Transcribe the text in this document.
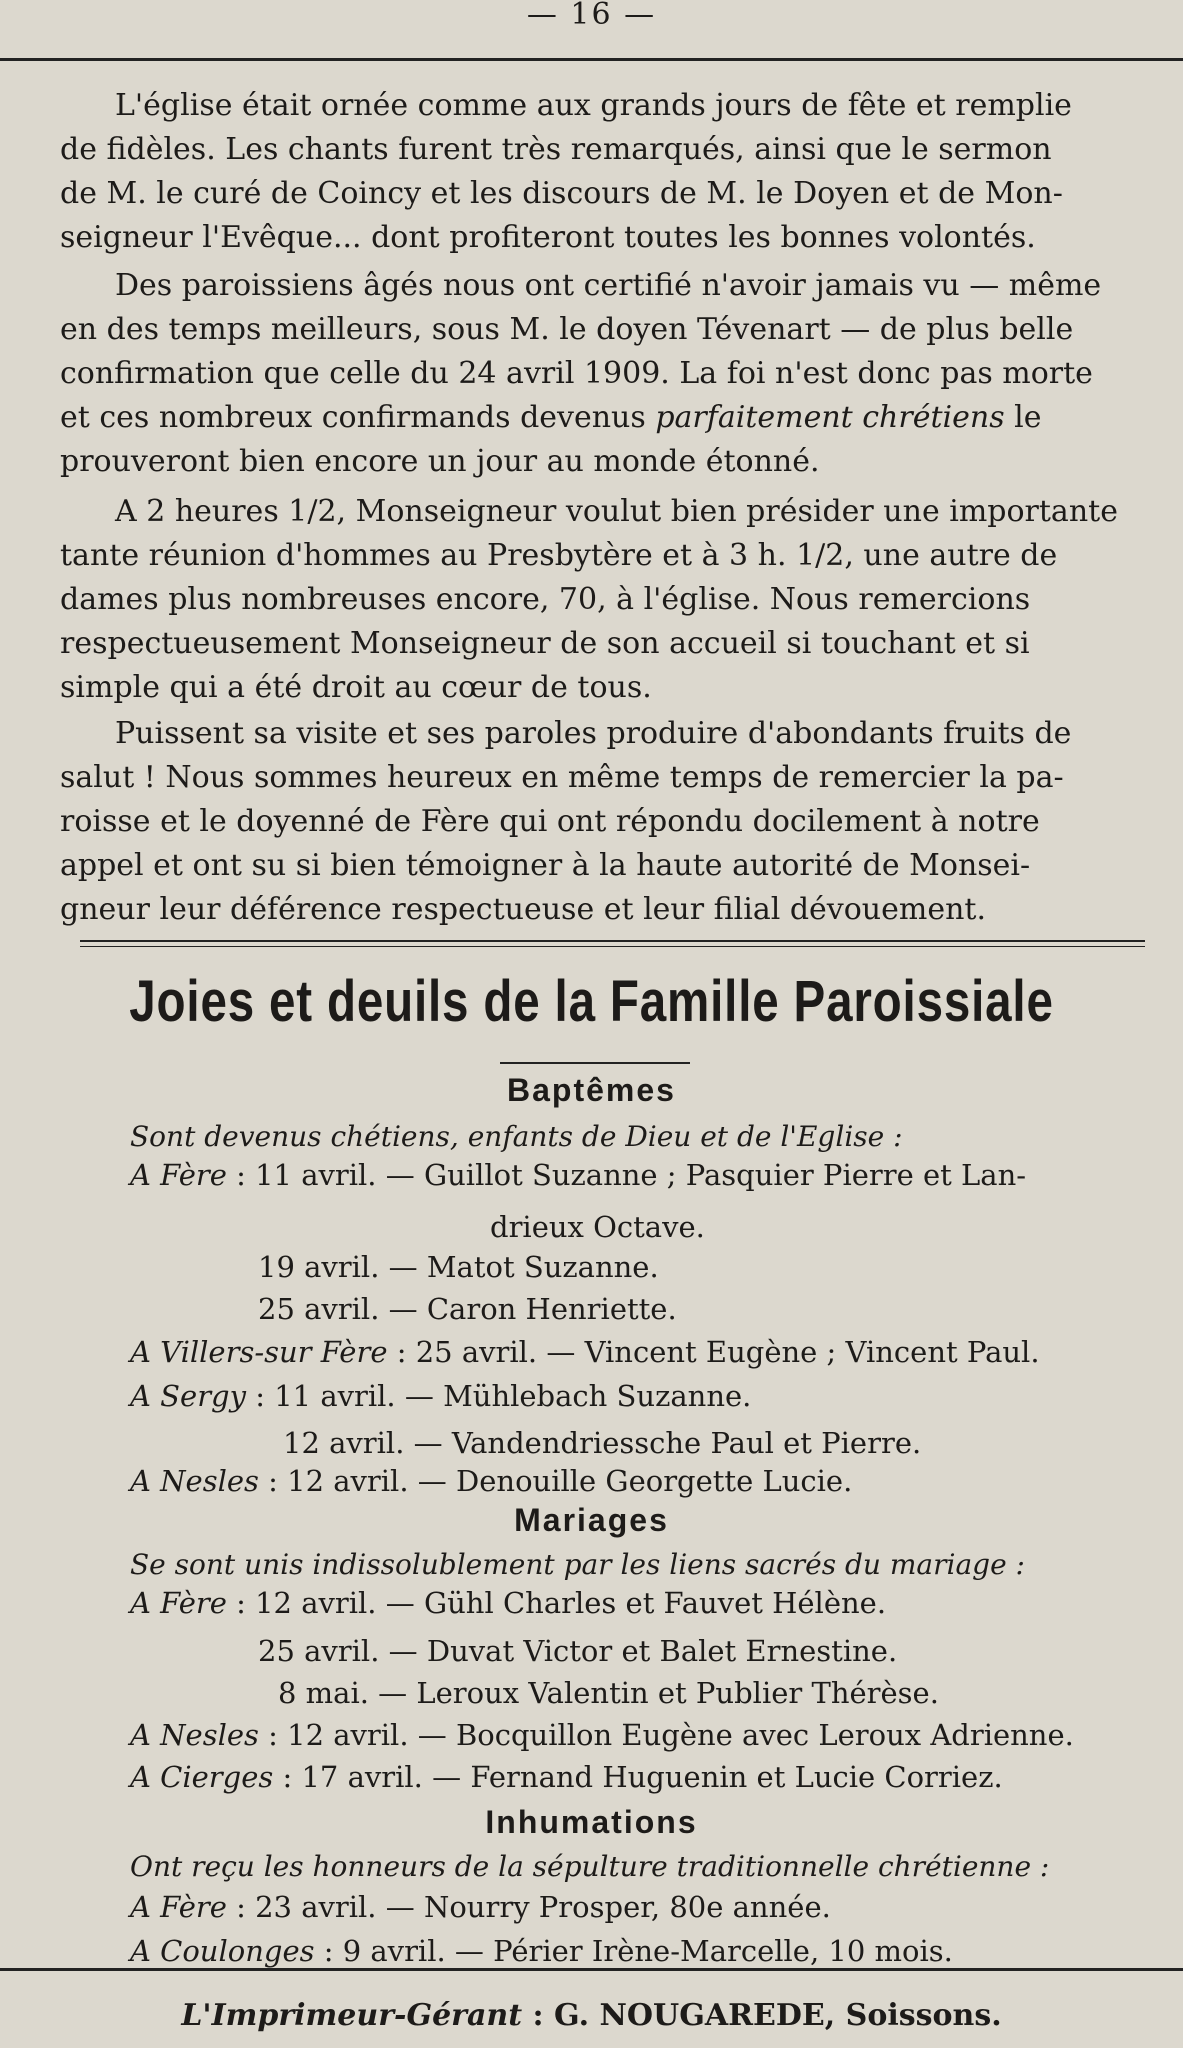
— 16 —
L'église était ornée comme aux grands jours de fête et remplie
de fidèles. Les chants furent très remarqués, ainsi que le sermon
de M. le curé de Coincy et les discours de M. le Doyen et de Mon-
seigneur l'Evêque... dont profiteront toutes les bonnes volontés.
Des paroissiens âgés nous ont certifié n'avoir jamais vu — même
en des temps meilleurs, sous M. le doyen Tévenart — de plus belle
confirmation que celle du 24 avril 1909. La foi n'est donc pas morte
et ces nombreux confirmands devenus parfaitement chrétiens le
prouveront bien encore un jour au monde étonné.
A 2 heures 1/2, Monseigneur voulut bien présider une importante
tante réunion d'hommes au Presbytère et à 3 h. 1/2, une autre de
dames plus nombreuses encore, 70, à l'église. Nous remercions
respectueusement Monseigneur de son accueil si touchant et si
simple qui a été droit au cœur de tous.
Puissent sa visite et ses paroles produire d'abondants fruits de
salut ! Nous sommes heureux en même temps de remercier la pa-
roisse et le doyenné de Fère qui ont répondu docilement à notre
appel et ont su si bien témoigner à la haute autorité de Monsei-
gneur leur déférence respectueuse et leur filial dévouement.
Joies et deuils de la Famille Paroissiale
Baptêmes
Sont devenus chétiens, enfants de Dieu et de l'Eglise :
A Fère : 11 avril. — Guillot Suzanne ; Pasquier Pierre et Lan-
drieux Octave.
19 avril. — Matot Suzanne.
25 avril. — Caron Henriette.
A Villers-sur Fère : 25 avril. — Vincent Eugène ; Vincent Paul.
A Sergy : 11 avril. — Mühlebach Suzanne.
12 avril. — Vandendriessche Paul et Pierre.
A Nesles : 12 avril. — Denouille Georgette Lucie.
Mariages
Se sont unis indissolublement par les liens sacrés du mariage :
A Fère : 12 avril. — Gühl Charles et Fauvet Hélène.
25 avril. — Duvat Victor et Balet Ernestine.
8 mai. — Leroux Valentin et Publier Thérèse.
A Nesles : 12 avril. — Bocquillon Eugène avec Leroux Adrienne.
A Cierges : 17 avril. — Fernand Huguenin et Lucie Corriez.
Inhumations
Ont reçu les honneurs de la sépulture traditionnelle chrétienne :
A Fère : 23 avril. — Nourry Prosper, 80e année.
A Coulonges : 9 avril. — Périer Irène-Marcelle, 10 mois.
L'Imprimeur-Gérant : G. NOUGAREDE, Soissons.
